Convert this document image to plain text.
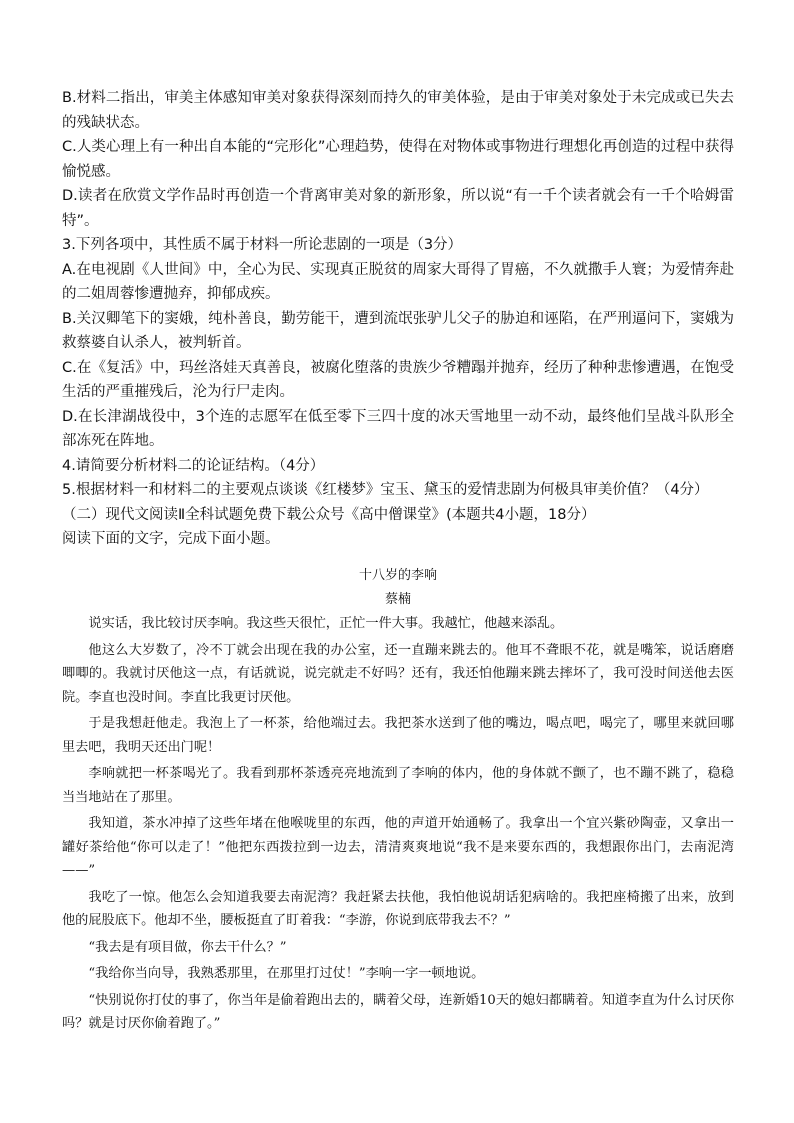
B.材料二指出，审美主体感知审美对象获得深刻而持久的审美体验，是由于审美对象处于未完成或已失去的残缺状态。

C.人类心理上有一种出自本能的“完形化”心理趋势，使得在对物体或事物进行理想化再创造的过程中获得愉悦感。

D.读者在欣赏文学作品时再创造一个背离审美对象的新形象，所以说“有一千个读者就会有一千个哈姆雷特”。

3.下列各项中，其性质不属于材料一所论悲剧的一项是（3分）

A.在电视剧《人世间》中，全心为民、实现真正脱贫的周家大哥得了胃癌，不久就撒手人寰；为爱情奔赴的二姐周蓉惨遭抛弃，抑郁成疾。

B.关汉卿笔下的窦娥，纯朴善良，勤劳能干，遭到流氓张驴儿父子的胁迫和诬陷，在严刑逼问下，窦娥为救蔡婆自认杀人，被判斩首。

C.在《复活》中，玛丝洛娃天真善良，被腐化堕落的贵族少爷糟蹋并抛弃，经历了种种悲惨遭遇，在饱受生活的严重摧残后，沦为行尸走肉。

D.在长津湖战役中，3个连的志愿军在低至零下三四十度的冰天雪地里一动不动，最终他们呈战斗队形全部冻死在阵地。

4.请简要分析材料二的论证结构。（4分）

5.根据材料一和材料二的主要观点谈谈《红楼梦》宝玉、黛玉的爱情悲剧为何极具审美价值？（4分）

（二）现代文阅读Ⅱ全科试题免费下载公众号《高中僧课堂》(本题共4小题，18分）

阅读下面的文字，完成下面小题。

十八岁的李响

蔡楠

说实话，我比较讨厌李响。我这些天很忙，正忙一件大事。我越忙，他越来添乱。

他这么大岁数了，冷不丁就会出现在我的办公室，还一直蹦来跳去的。他耳不聋眼不花，就是嘴笨，说话磨磨唧唧的。我就讨厌他这一点，有话就说，说完就走不好吗？还有，我还怕他蹦来跳去摔坏了，我可没时间送他去医院。李直也没时间。李直比我更讨厌他。

于是我想赶他走。我泡上了一杯茶，给他端过去。我把茶水送到了他的嘴边，喝点吧，喝完了，哪里来就回哪里去吧，我明天还出门呢！

李响就把一杯茶喝光了。我看到那杯茶透亮亮地流到了李响的体内，他的身体就不颤了，也不蹦不跳了，稳稳当当地站在了那里。

我知道，茶水冲掉了这些年堵在他喉咙里的东西，他的声道开始通畅了。我拿出一个宜兴紫砂陶壶，又拿出一罐好茶给他“你可以走了！”他把东西拨拉到一边去，清清爽爽地说“我不是来要东西的，我想跟你出门，去南泥湾——”

我吃了一惊。他怎么会知道我要去南泥湾？我赶紧去扶他，我怕他说胡话犯病啥的。我把座椅搬了出来，放到他的屁股底下。他却不坐，腰板挺直了盯着我：“李游，你说到底带我去不？”

“我去是有项目做，你去干什么？”

“我给你当向导，我熟悉那里，在那里打过仗！”李响一字一顿地说。

“快别说你打仗的事了，你当年是偷着跑出去的，瞒着父母，连新婚10天的媳妇都瞒着。知道李直为什么讨厌你吗？就是讨厌你偷着跑了。”
